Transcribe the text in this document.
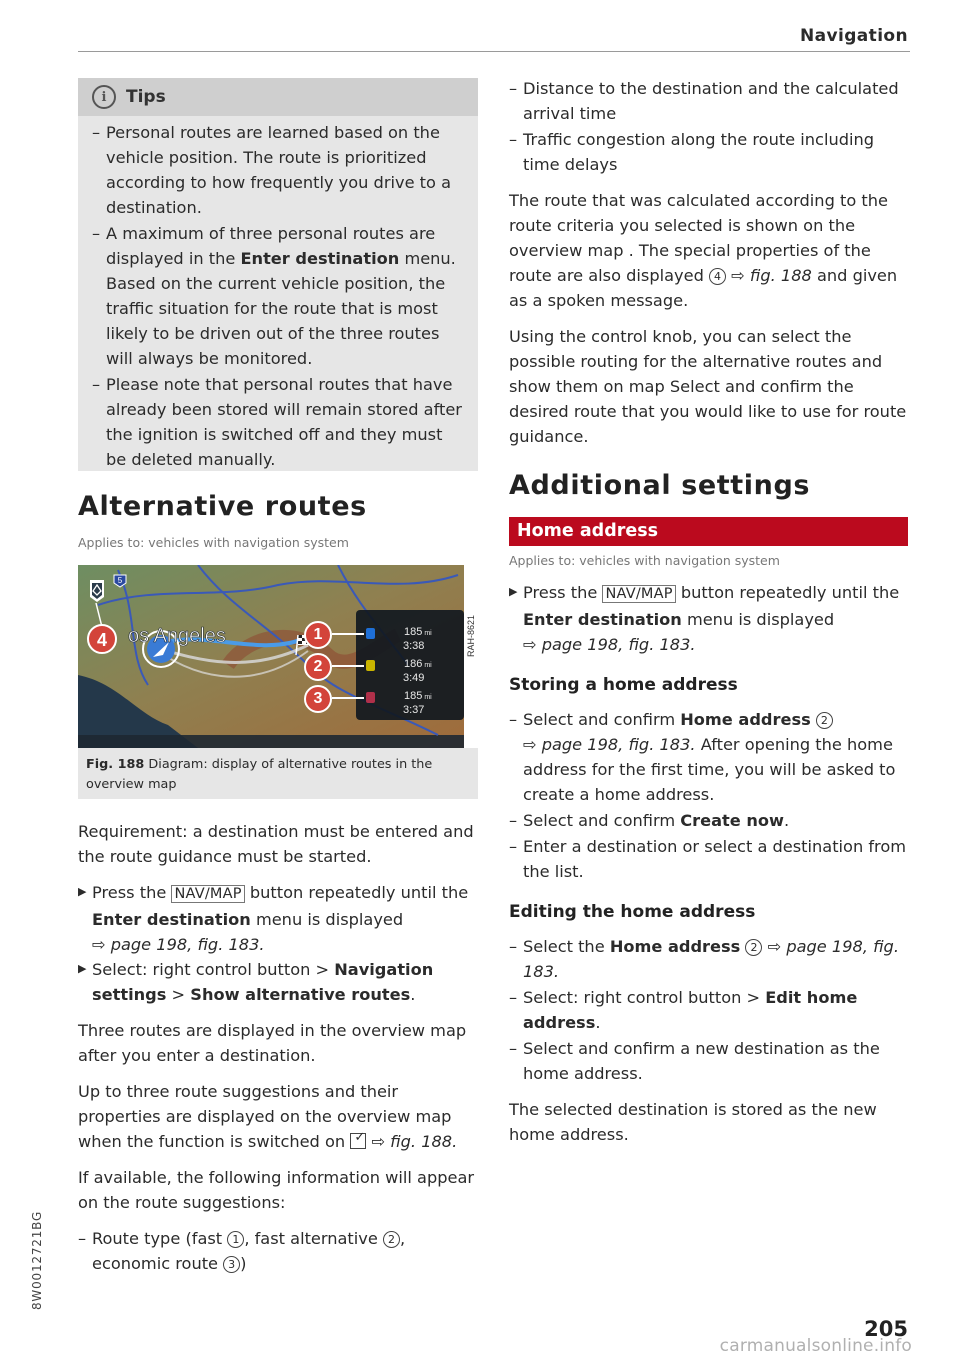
Navigation
i	Tips

– Personal routes are learned based on the vehicle position. The route is prioritized according to how frequently you drive to a destination.

– A maximum of three personal routes are displayed in the Enter destination menu. Based on the current vehicle position, the traffic situation for the route that is most likely to be driven out of the three routes will always be monitored.

– Please note that personal routes that have already been stored will remain stored after the ignition is switched off and they must be deleted manually.

Alternative routes
Applies to: vehicles with navigation system
5
os Angeles
4	RAH-8621
1	185 mi
3:38
2	186 mi
3:49
3	185 mi
3:37
Fig. 188 Diagram: display of alternative routes in the overview map

Requirement: a destination must be entered and the route guidance must be started.

▶ Press the NAV/MAP button repeatedly until the Enter destination menu is displayed
⇨ page 198, fig. 183.

▶ Select: right control button > Navigation settings > Show alternative routes.

Three routes are displayed in the overview map after you enter a destination.

Up to three route suggestions and their properties are displayed on the overview map when the function is switched on ✓ ⇨ fig. 188.

If available, the following information will appear on the route suggestions:

– Route type (fast 1 , fast alternative 2 , economic route 3 )

– Distance to the destination and the calculated arrival time

– Traffic congestion along the route including time delays

The route that was calculated according to the route criteria you selected is shown on the overview map . The special properties of the route are also displayed 4 ⇨ fig. 188 and given as a spoken message.

Using the control knob, you can select the possible routing for the alternative routes and show them on map Select and confirm the desired route that you would like to use for route guidance.

Additional settings
Home address
Applies to: vehicles with navigation system

▶ Press the NAV/MAP button repeatedly until the Enter destination menu is displayed
⇨ page 198, fig. 183.

Storing a home address

– Select and confirm Home address 2
⇨ page 198, fig. 183. After opening the home address for the first time, you will be asked to create a home address.

– Select and confirm Create now.

– Enter a destination or select a destination from the list.

Editing the home address

– Select the Home address 2 ⇨ page 198, fig. 183.

– Select: right control button > Edit home address.

– Select and confirm a new destination as the home address.

The selected destination is stored as the new home address.

205
8W0012721BG
carmanualsonline.info
